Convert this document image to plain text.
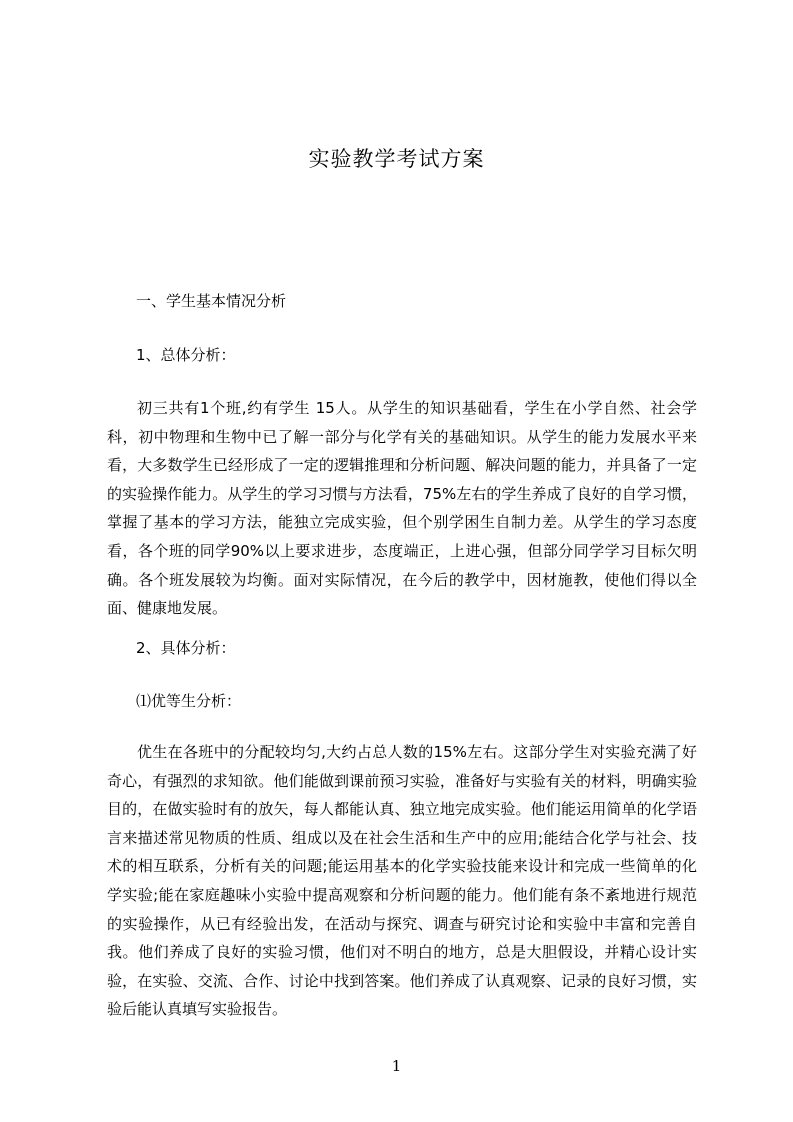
实验教学考试方案
一、学生基本情况分析
1、总体分析：
初三共有1个班,约有学生 15人。从学生的知识基础看，学生在小学自然、社会学科，初中物理和生物中已了解一部分与化学有关的基础知识。从学生的能力发展水平来看，大多数学生已经形成了一定的逻辑推理和分析问题、解决问题的能力，并具备了一定的实验操作能力。从学生的学习习惯与方法看，75%左右的学生养成了良好的自学习惯，掌握了基本的学习方法，能独立完成实验，但个别学困生自制力差。从学生的学习态度看，各个班的同学90%以上要求进步，态度端正，上进心强，但部分同学学习目标欠明确。各个班发展较为均衡。面对实际情况，在今后的教学中，因材施教，使他们得以全面、健康地发展。
2、具体分析：
⑴优等生分析：
优生在各班中的分配较均匀,大约占总人数的15%左右。这部分学生对实验充满了好奇心，有强烈的求知欲。他们能做到课前预习实验，准备好与实验有关的材料，明确实验目的，在做实验时有的放矢，每人都能认真、独立地完成实验。他们能运用简单的化学语言来描述常见物质的性质、组成以及在社会生活和生产中的应用;能结合化学与社会、技术的相互联系，分析有关的问题;能运用基本的化学实验技能来设计和完成一些简单的化学实验;能在家庭趣味小实验中提高观察和分析问题的能力。他们能有条不紊地进行规范的实验操作，从已有经验出发，在活动与探究、调查与研究讨论和实验中丰富和完善自我。他们养成了良好的实验习惯，他们对不明白的地方，总是大胆假设，并精心设计实验，在实验、交流、合作、讨论中找到答案。他们养成了认真观察、记录的良好习惯，实验后能认真填写实验报告。
1
